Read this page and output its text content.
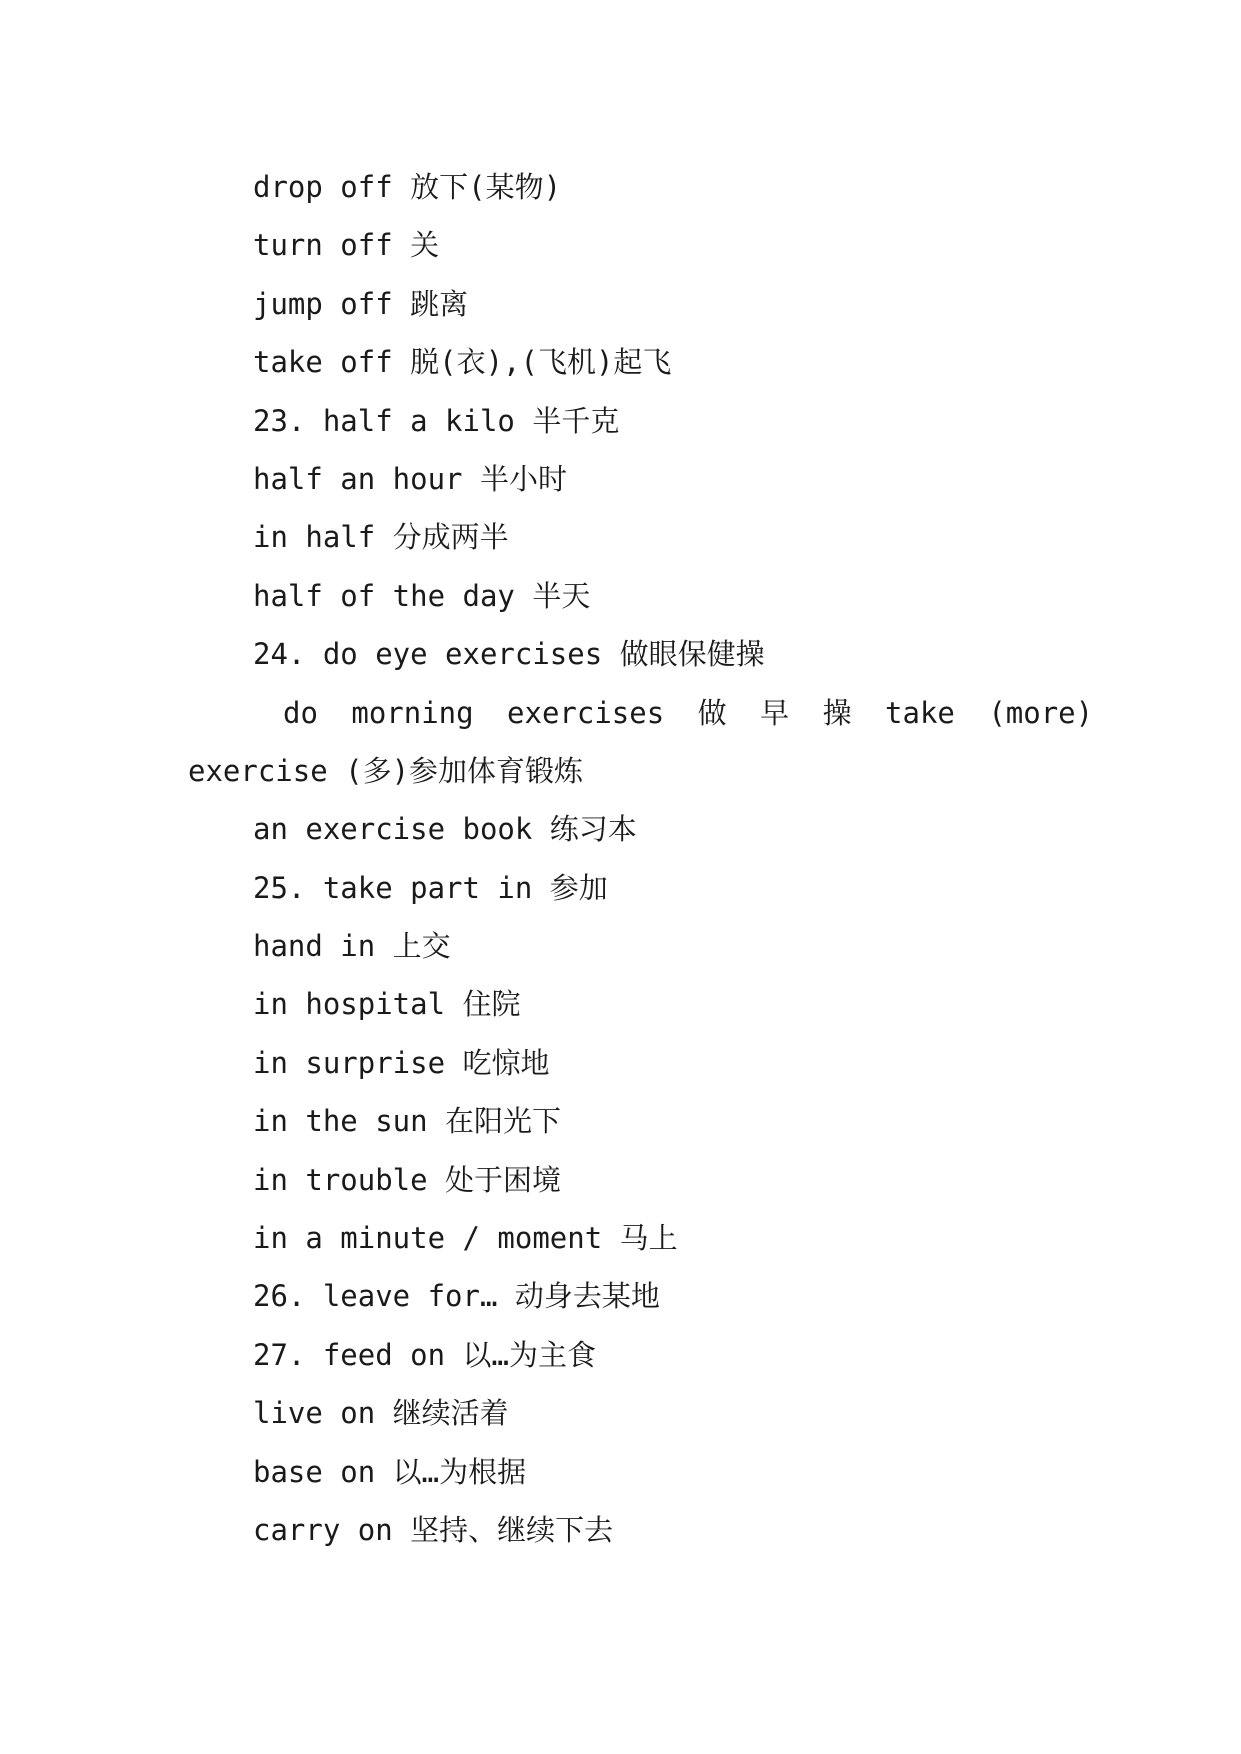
drop off 放下(某物)

turn off 关

jump off 跳离

take off 脱(衣),(飞机)起飞

23. half a kilo 半千克

half an hour 半小时

in half 分成两半

half of the day 半天

24. do eye exercises 做眼保健操

do morning exercises 做 早 操 take (more)

exercise (多)参加体育锻炼

an exercise book 练习本

25. take part in 参加

hand in 上交

in hospital 住院

in surprise 吃惊地

in the sun 在阳光下

in trouble 处于困境

in a minute / moment 马上

26. leave for… 动身去某地

27. feed on 以…为主食

live on 继续活着

base on 以…为根据

carry on 坚持、继续下去
